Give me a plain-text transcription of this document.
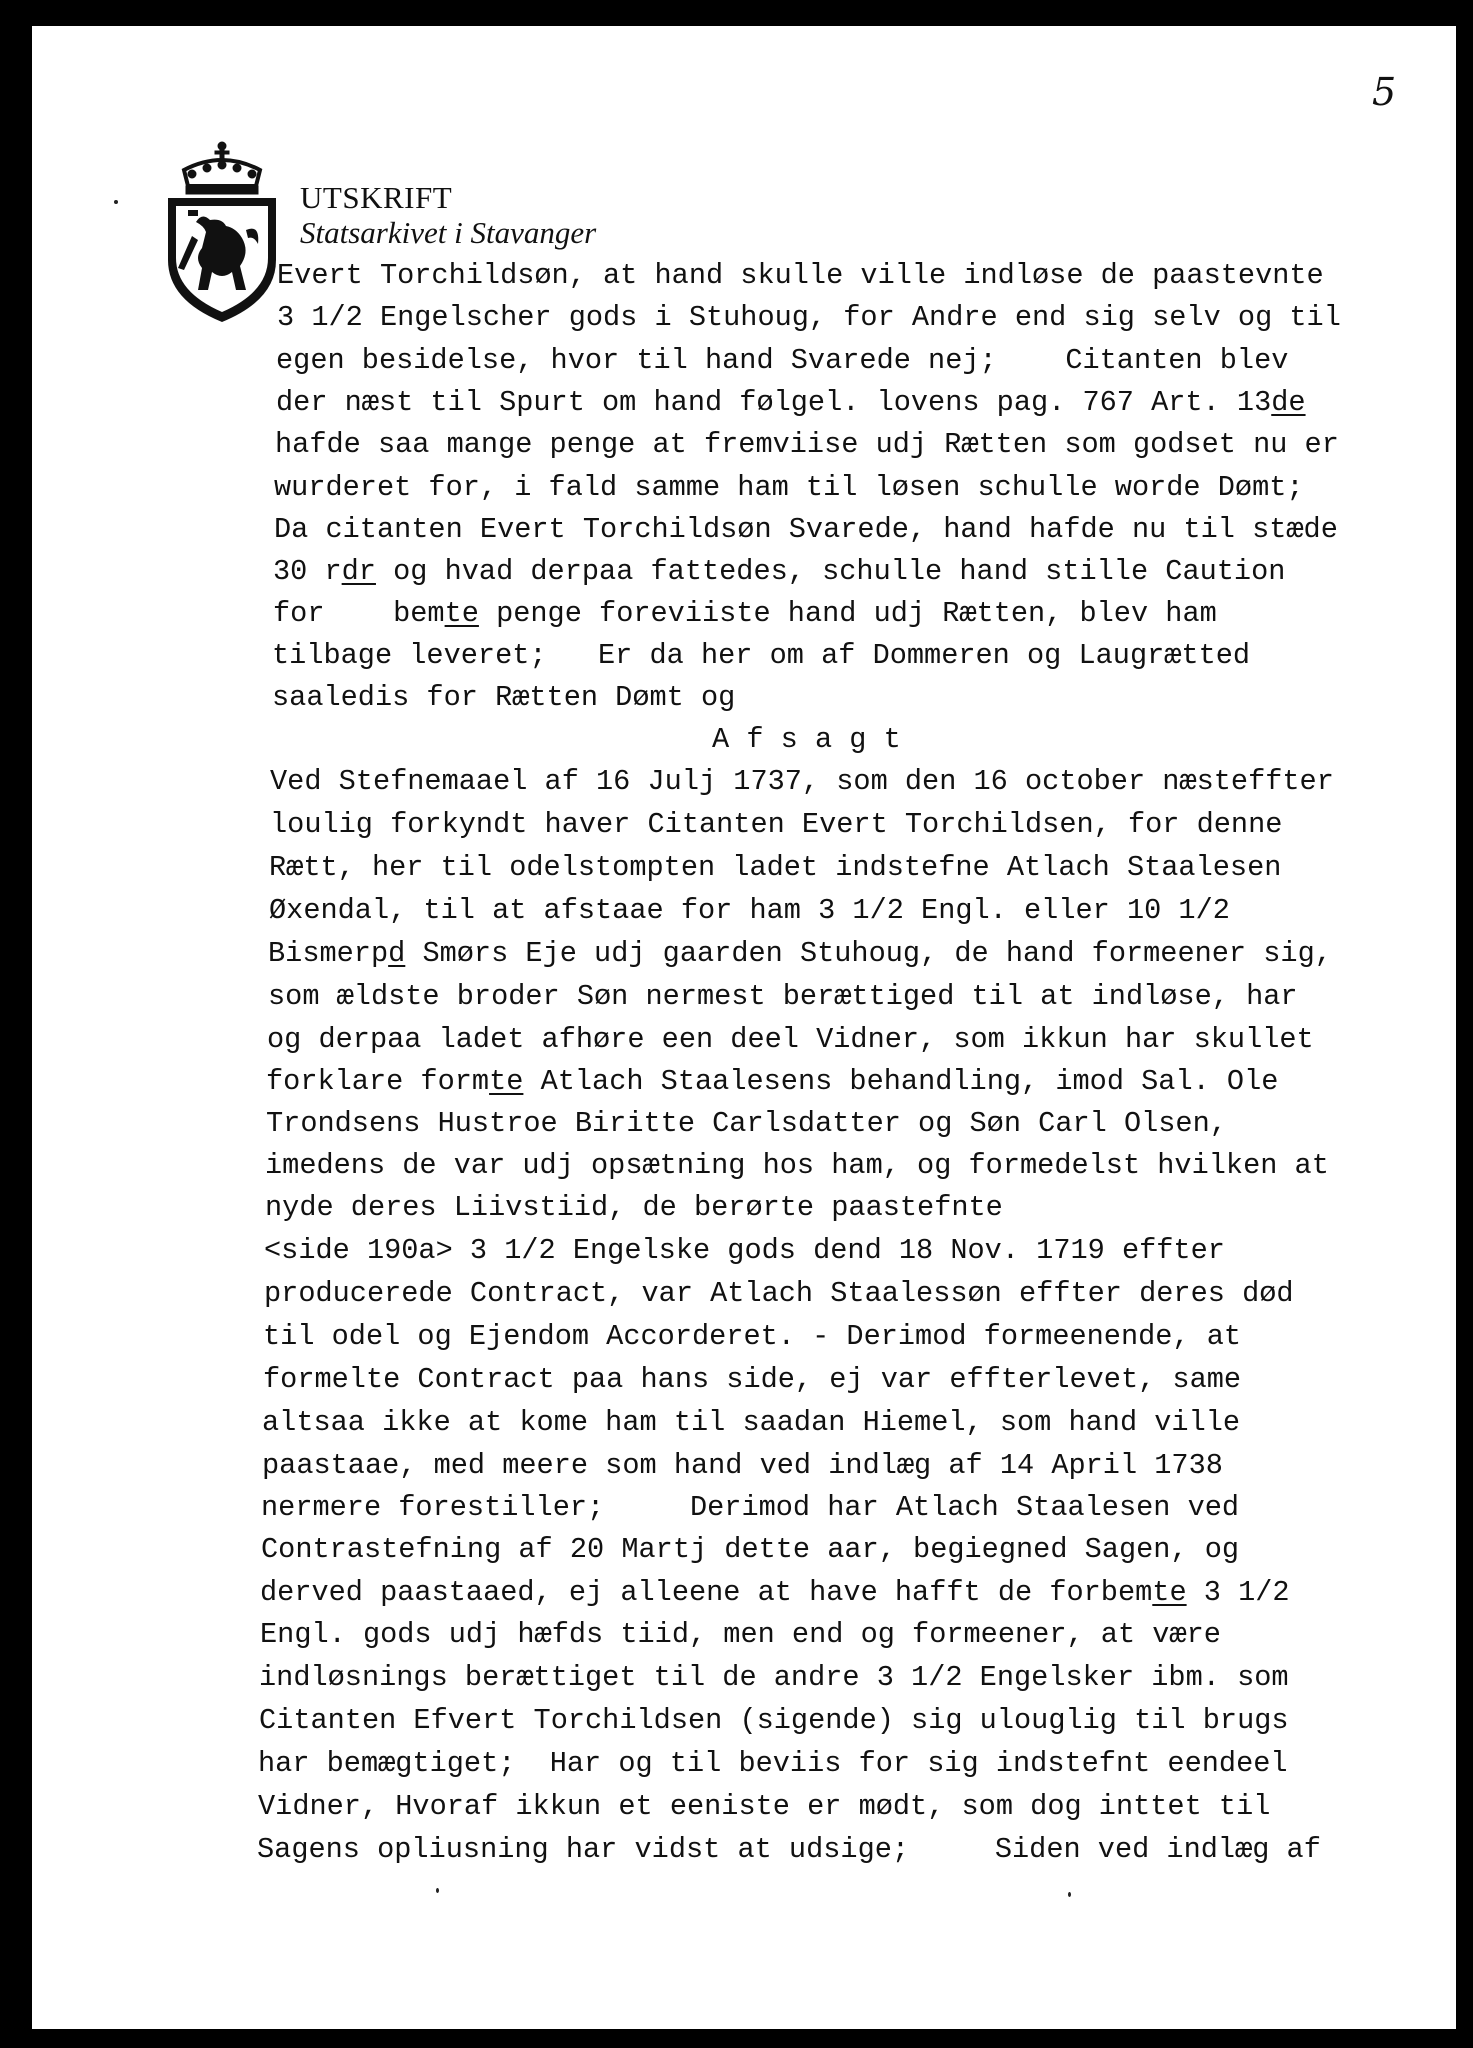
5
UTSKRIFT
Statsarkivet i Stavanger
Evert Torchildsøn, at hand skulle ville indløse de paastevnte
3 1/2 Engelscher gods i Stuhoug, for Andre end sig selv og til
egen besidelse, hvor til hand Svarede nej;    Citanten blev
der næst til Spurt om hand følgel. lovens pag. 767 Art. 13de
hafde saa mange penge at fremviise udj Rætten som godset nu er
wurderet for, i fald samme ham til løsen schulle worde Dømt;
Da citanten Evert Torchildsøn Svarede, hand hafde nu til stæde
30 rdr og hvad derpaa fattedes, schulle hand stille Caution
for    bemte penge foreviiste hand udj Rætten, blev ham
tilbage leveret;   Er da her om af Dommeren og Laugrætted
saaledis for Rætten Dømt og
A f s a g t
Ved Stefnemaael af 16 Julj 1737, som den 16 october næsteffter
loulig forkyndt haver Citanten Evert Torchildsen, for denne
Rætt, her til odelstompten ladet indstefne Atlach Staalesen
Øxendal, til at afstaae for ham 3 1/2 Engl. eller 10 1/2
Bismerpd Smørs Eje udj gaarden Stuhoug, de hand formeener sig,
som ældste broder Søn nermest berættiged til at indløse, har
og derpaa ladet afhøre een deel Vidner, som ikkun har skullet
forklare formte Atlach Staalesens behandling, imod Sal. Ole
Trondsens Hustroe Biritte Carlsdatter og Søn Carl Olsen,
imedens de var udj opsætning hos ham, og formedelst hvilken at
nyde deres Liivstiid, de berørte paastefnte
<side 190a> 3 1/2 Engelske gods dend 18 Nov. 1719 effter
producerede Contract, var Atlach Staalessøn effter deres død
til odel og Ejendom Accorderet. - Derimod formeenende, at
formelte Contract paa hans side, ej var effterlevet, same
altsaa ikke at kome ham til saadan Hiemel, som hand ville
paastaae, med meere som hand ved indlæg af 14 April 1738
nermere forestiller;     Derimod har Atlach Staalesen ved
Contrastefning af 20 Martj dette aar, begiegned Sagen, og
derved paastaaed, ej alleene at have hafft de forbemte 3 1/2
Engl. gods udj hæfds tiid, men end og formeener, at være
indløsnings berættiget til de andre 3 1/2 Engelsker ibm. som
Citanten Efvert Torchildsen (sigende) sig ulouglig til brugs
har bemægtiget;  Har og til beviis for sig indstefnt eendeel
Vidner, Hvoraf ikkun et eeniste er mødt, som dog inttet til
Sagens opliusning har vidst at udsige;     Siden ved indlæg af
